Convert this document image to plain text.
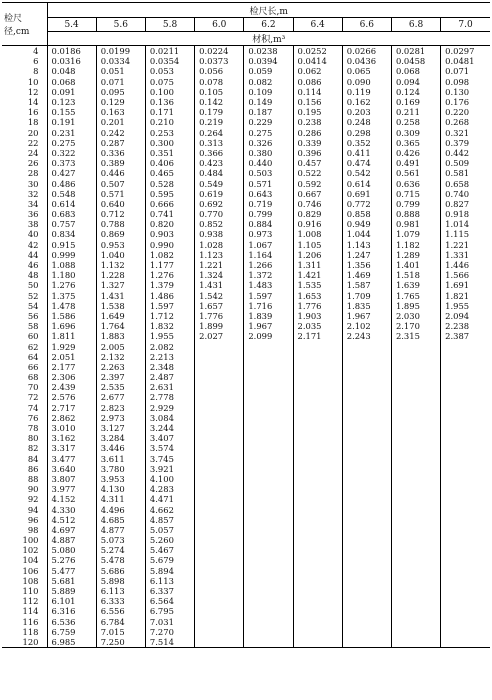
检尺径,cm	检尺长,m								
	5.4	5.6	5.8	6.0	6.2	6.4	6.6	6.8	7.0
	材积,m³								
4	0.0186	0.0199	0.0211	0.0224	0.0238	0.0252	0.0266	0.0281	0.0297
6	0.0316	0.0334	0.0354	0.0373	0.0394	0.0414	0.0436	0.0458	0.0481
8	0.048	0.051	0.053	0.056	0.059	0.062	0.065	0.068	0.071
10	0.068	0.071	0.075	0.078	0.082	0.086	0.090	0.094	0.098
12	0.091	0.095	0.100	0.105	0.109	0.114	0.119	0.124	0.130
14	0.123	0.129	0.136	0.142	0.149	0.156	0.162	0.169	0.176
16	0.155	0.163	0.171	0.179	0.187	0.195	0.203	0.211	0.220
18	0.191	0.201	0.210	0.219	0.229	0.238	0.248	0.258	0.268
20	0.231	0.242	0.253	0.264	0.275	0.286	0.298	0.309	0.321
22	0.275	0.287	0.300	0.313	0.326	0.339	0.352	0.365	0.379
24	0.322	0.336	0.351	0.366	0.380	0.396	0.411	0.426	0.442
26	0.373	0.389	0.406	0.423	0.440	0.457	0.474	0.491	0.509
28	0.427	0.446	0.465	0.484	0.503	0.522	0.542	0.561	0.581
30	0.486	0.507	0.528	0.549	0.571	0.592	0.614	0.636	0.658
32	0.548	0.571	0.595	0.619	0.643	0.667	0.691	0.715	0.740
34	0.614	0.640	0.666	0.692	0.719	0.746	0.772	0.799	0.827
36	0.683	0.712	0.741	0.770	0.799	0.829	0.858	0.888	0.918
38	0.757	0.788	0.820	0.852	0.884	0.916	0.949	0.981	1.014
40	0.834	0.869	0.903	0.938	0.973	1.008	1.044	1.079	1.115
42	0.915	0.953	0.990	1.028	1.067	1.105	1.143	1.182	1.221
44	0.999	1.040	1.082	1.123	1.164	1.206	1.247	1.289	1.331
46	1.088	1.132	1.177	1.221	1.266	1.311	1.356	1.401	1.446
48	1.180	1.228	1.276	1.324	1.372	1.421	1.469	1.518	1.566
50	1.276	1.327	1.379	1.431	1.483	1.535	1.587	1.639	1.691
52	1.375	1.431	1.486	1.542	1.597	1.653	1.709	1.765	1.821
54	1.478	1.538	1.597	1.657	1.716	1.776	1.835	1.895	1.955
56	1.586	1.649	1.712	1.776	1.839	1.903	1.967	2.030	2.094
58	1.696	1.764	1.832	1.899	1.967	2.035	2.102	2.170	2.238
60	1.811	1.883	1.955	2.027	2.099	2.171	2.243	2.315	2.387
62	1.929	2.005	2.082						
64	2.051	2.132	2.213						
66	2.177	2.263	2.348						
68	2.306	2.397	2.487						
70	2.439	2.535	2.631						
72	2.576	2.677	2.778						
74	2.717	2.823	2.929						
76	2.862	2.973	3.084						
78	3.010	3.127	3.244						
80	3.162	3.284	3.407						
82	3.317	3.446	3.574						
84	3.477	3.611	3.745						
86	3.640	3.780	3.921						
88	3.807	3.953	4.100						
90	3.977	4.130	4.283						
92	4.152	4.311	4.471						
94	4.330	4.496	4.662						
96	4.512	4.685	4.857						
98	4.697	4.877	5.057						
100	4.887	5.073	5.260						
102	5.080	5.274	5.467						
104	5.276	5.478	5.679						
106	5.477	5.686	5.894						
108	5.681	5.898	6.113						
110	5.889	6.113	6.337						
112	6.101	6.333	6.564						
114	6.316	6.556	6.795						
116	6.536	6.784	7.031						
118	6.759	7.015	7.270						
120	6.985	7.250	7.514						
